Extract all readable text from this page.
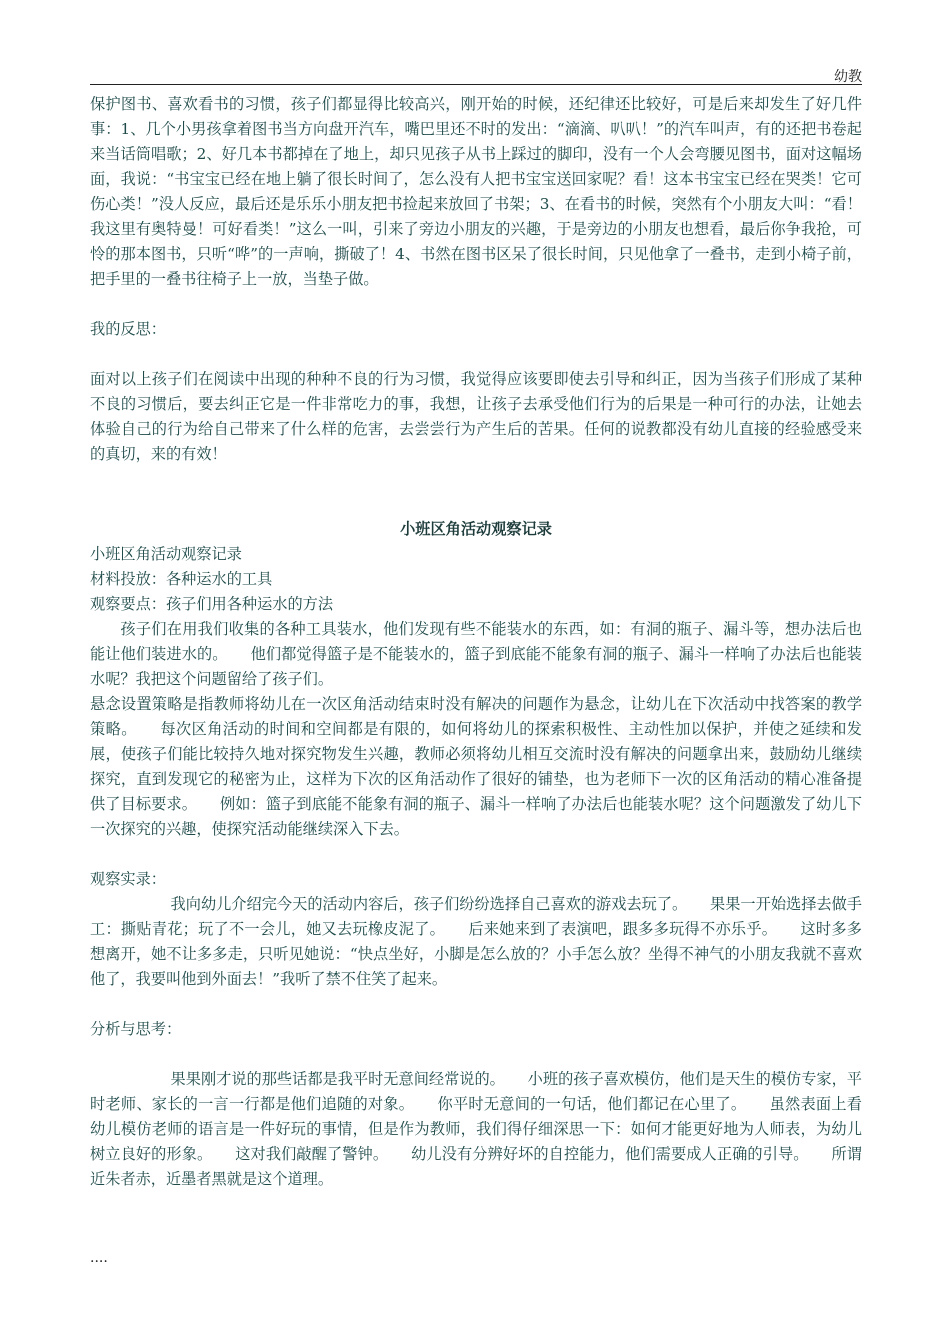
幼教

保护图书、喜欢看书的习惯，孩子们都显得比较高兴，刚开始的时候，还纪律还比较好，可是后来却发生了好几件事：1、几个小男孩拿着图书当方向盘开汽车，嘴巴里还不时的发出：“滴滴、叭叭！”的汽车叫声，有的还把书卷起来当话筒唱歌；2、好几本书都掉在了地上，却只见孩子从书上踩过的脚印，没有一个人会弯腰见图书，面对这幅场面，我说：“书宝宝已经在地上躺了很长时间了，怎么没有人把书宝宝送回家呢？看！这本书宝宝已经在哭类！它可伤心类！”没人反应，最后还是乐乐小朋友把书捡起来放回了书架；3、在看书的时候，突然有个小朋友大叫：“看！我这里有奥特曼！可好看类！”这么一叫，引来了旁边小朋友的兴趣，于是旁边的小朋友也想看，最后你争我抢，可怜的那本图书，只听“哗”的一声响，撕破了！4、书然在图书区呆了很长时间，只见他拿了一叠书，走到小椅子前，把手里的一叠书往椅子上一放，当垫子做。

我的反思：

面对以上孩子们在阅读中出现的种种不良的行为习惯，我觉得应该要即使去引导和纠正，因为当孩子们形成了某种不良的习惯后，要去纠正它是一件非常吃力的事，我想，让孩子去承受他们行为的后果是一种可行的办法，让她去体验自己的行为给自己带来了什么样的危害，去尝尝行为产生后的苦果。任何的说教都没有幼儿直接的经验感受来的真切，来的有效！

小班区角活动观察记录

小班区角活动观察记录

材料投放：各种运水的工具

观察要点：孩子们用各种运水的方法

孩子们在用我们收集的各种工具装水，他们发现有些不能装水的东西，如：有洞的瓶子、漏斗等，想办法后也能让他们装进水的。　　他们都觉得篮子是不能装水的，篮子到底能不能象有洞的瓶子、漏斗一样响了办法后也能装水呢？我把这个问题留给了孩子们。

悬念设置策略是指教师将幼儿在一次区角活动结束时没有解决的问题作为悬念，让幼儿在下次活动中找答案的教学策略。　　每次区角活动的时间和空间都是有限的，如何将幼儿的探索积极性、主动性加以保护，并使之延续和发展，使孩子们能比较持久地对探究物发生兴趣，教师必须将幼儿相互交流时没有解决的问题拿出来，鼓励幼儿继续探究，直到发现它的秘密为止，这样为下次的区角活动作了很好的铺垫，也为老师下一次的区角活动的精心准备提供了目标要求。　　例如：篮子到底能不能象有洞的瓶子、漏斗一样响了办法后也能装水呢？这个问题激发了幼儿下一次探究的兴趣，使探究活动能继续深入下去。

观察实录：

我向幼儿介绍完今天的活动内容后，孩子们纷纷选择自己喜欢的游戏去玩了。　　果果一开始选择去做手工：撕贴青花；玩了不一会儿，她又去玩橡皮泥了。　　后来她来到了表演吧，跟多多玩得不亦乐乎。　　这时多多想离开，她不让多多走，只听见她说：“快点坐好，小脚是怎么放的？小手怎么放？坐得不神气的小朋友我就不喜欢他了，我要叫他到外面去！”我听了禁不住笑了起来。

分析与思考：

果果刚才说的那些话都是我平时无意间经常说的。　　小班的孩子喜欢模仿，他们是天生的模仿专家，平时老师、家长的一言一行都是他们追随的对象。　　你平时无意间的一句话，他们都记在心里了。　　虽然表面上看幼儿模仿老师的语言是一件好玩的事情，但是作为教师，我们得仔细深思一下：如何才能更好地为人师表，为幼儿树立良好的形象。　　这对我们敲醒了警钟。　　幼儿没有分辨好坏的自控能力，他们需要成人正确的引导。　　所谓近朱者赤，近墨者黑就是这个道理。

....
